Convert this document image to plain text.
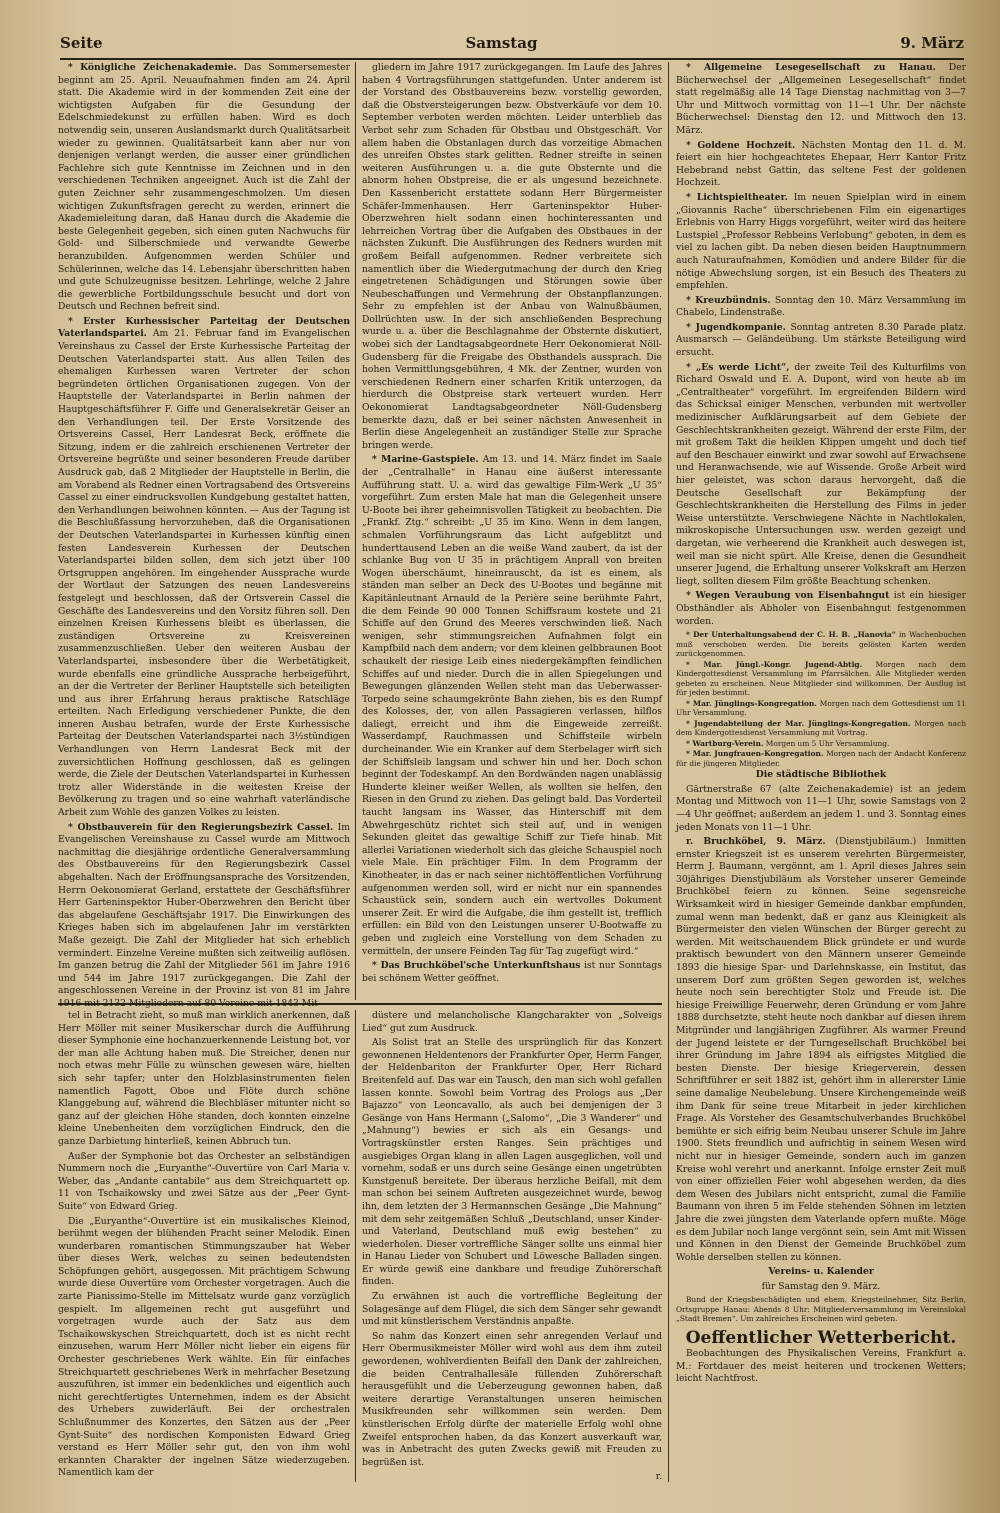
Seite	Samstag	9. März

* Königliche Zeichenakademie. Das Sommersemester beginnt am 25. April. Neuaufnahmen finden am 24. April statt. Die Akademie wird in der kommenden Zeit eine der wichtigsten Aufgaben für die Gesundung der Edelschmiedekunst zu erfüllen haben. Wird es doch notwendig sein, unseren Auslandsmarkt durch Qualitätsarbeit wieder zu gewinnen. Qualitätsarbeit kann aber nur von denjenigen verlangt werden, die ausser einer gründlichen Fachlehre sich gute Kenntnisse im Zeichnen und in den verschiedenen Techniken angeeignet. Auch ist die Zahl der guten Zeichner sehr zusammengeschmolzen. Um diesen wichtigen Zukunftsfragen gerecht zu werden, erinnert die Akademieleitung daran, daß Hanau durch die Akademie die beste Gelegenheit gegeben, sich einen guten Nachwuchs für Gold- und Silberschmiede und verwandte Gewerbe heranzubilden. Aufgenommen werden Schüler und Schülerinnen, welche das 14. Lebensjahr überschritten haben und gute Schulzeugnisse besitzen. Lehrlinge, welche 2 Jahre die gewerbliche Fortbildungsschule besucht und dort von Deutsch und Rechnen befreit sind.

* Erster Kurhessischer Parteitag der Deutschen Vaterlandspartei. Am 21. Februar fand im Evangelischen Vereinshaus zu Cassel der Erste Kurhessische Parteitag der Deutschen Vaterlandspartei statt. Aus allen Teilen des ehemaligen Kurhessen waren Vertreter der schon begründeten örtlichen Organisationen zugegen. Von der Hauptstelle der Vaterlandspartei in Berlin nahmen der Hauptgeschäftsführer F. Giffe und Generalsekretär Geiser an den Verhandlungen teil. Der Erste Vorsitzende des Ortsvereins Cassel, Herr Landesrat Beck, eröffnete die Sitzung, indem er die zahlreich erschienenen Vertreter der Ortsvereine begrüßte und seiner besonderen Freude darüber Ausdruck gab, daß 2 Mitglieder der Hauptstelle in Berlin, die am Vorabend als Redner einen Vortragsabend des Ortsvereins Cassel zu einer eindrucksvollen Kundgebung gestaltet hatten, den Verhandlungen beiwohnen könnten. — Aus der Tagung ist die Beschlußfassung hervorzuheben, daß die Organisationen der Deutschen Vaterlandspartei in Kurhessen künftig einen festen Landesverein Kurhessen der Deutschen Vaterlandspartei bilden sollen, dem sich jetzt über 100 Ortsgruppen angehören. Im eingehender Aussprache wurde der Wortlaut der Satzungen des neuen Landesvereins festgelegt und beschlossen, daß der Ortsverein Cassel die Geschäfte des Landesvereins und den Vorsitz führen soll. Den einzelnen Kreisen Kurhessens bleibt es überlassen, die zuständigen Ortsvereine zu Kreisvereinen zusammenzuschließen. Ueber den weiteren Ausbau der Vaterlandspartei, insbesondere über die Werbetätigkeit, wurde ebenfalls eine gründliche Aussprache herbeigeführt, an der die Vertreter der Berliner Hauptstelle sich beteiligten und aus ihrer Erfahrung heraus praktische Ratschläge erteilten. Nach Erledigung verschiedener Punkte, die den inneren Ausbau betrafen, wurde der Erste Kurhessische Parteitag der Deutschen Vaterlandspartei nach 3½stündigen Verhandlungen von Herrn Landesrat Beck mit der zuversichtlichen Hoffnung geschlossen, daß es gelingen werde, die Ziele der Deutschen Vaterlandspartei in Kurhessen trotz aller Widerstände in die weitesten Kreise der Bevölkerung zu tragen und so eine wahrhaft vaterländische Arbeit zum Wohle des ganzen Volkes zu leisten.

* Obstbauverein für den Regierungsbezirk Cassel. Im Evangelischen Vereinshause zu Cassel wurde am Mittwoch nachmittag die diesjährige ordentliche Generalversammlung des Obstbauvereins für den Regierungsbezirk Cassel abgehalten. Nach der Eröffnungsansprache des Vorsitzenden, Herrn Oekonomierat Gerland, erstattete der Geschäftsführer Herr Garteninspektor Huber-Oberzwehren den Bericht über das abgelaufene Geschäftsjahr 1917. Die Einwirkungen des Krieges haben sich im abgelaufenen Jahr im verstärkten Maße gezeigt. Die Zahl der Mitglieder hat sich erheblich vermindert. Einzelne Vereine mußten sich zeitweilig auflösen. Im ganzen betrug die Zahl der Mitglieder 561 im Jahre 1916 und 544 im Jahre 1917 zurückgegangen. Die Zahl der angeschlossenen Vereine in der Provinz ist von 81 im Jahre 1916 mit 2132 Mitgliedern auf 80 Vereine mit 1843 Mit-

gliedern im Jahre 1917 zurückgegangen. Im Laufe des Jahres haben 4 Vortragsführungen stattgefunden. Unter anderem ist der Vorstand des Obstbauvereins bezw. vorstellig geworden, daß die Obstversteigerungen bezw. Obstverkäufe vor dem 10. September verboten werden möchten. Leider unterblieb das Verbot sehr zum Schaden für Obstbau und Obstgeschäft. Vor allem haben die Obstanlagen durch das vorzeitige Abmachen des unreifen Obstes stark gelitten. Redner streifte in seinen weiteren Ausführungen u. a. die gute Obsternte und die abnorm hohen Obstpreise, die er als ungesund bezeichnete. Den Kassenbericht erstattete sodann Herr Bürgermeister Schäfer-Immenhausen. Herr Garteninspektor Huber-Oberzwehren hielt sodann einen hochinteressanten und lehrreichen Vortrag über die Aufgaben des Obstbaues in der nächsten Zukunft. Die Ausführungen des Redners wurden mit großem Beifall aufgenommen. Redner verbreitete sich namentlich über die Wiedergutmachung der durch den Krieg eingetretenen Schädigungen und Störungen sowie über Neubeschaffungen und Vermehrung der Obstanpflanzungen. Sehr zu empfehlen ist der Anbau von Walnußbäumen, Dollrüchten usw. In der sich anschließenden Besprechung wurde u. a. über die Beschlagnahme der Obsternte diskutiert, wobei sich der Landtagsabgeordnete Herr Oekonomierat Nöll-Gudensberg für die Freigabe des Obsthandels aussprach. Die hohen Vermittlungsgebühren, 4 Mk. der Zentner, wurden von verschiedenen Rednern einer scharfen Kritik unterzogen, da hierdurch die Obstpreise stark verteuert wurden. Herr Oekonomierat Landtagsabgeordneter Nöll-Gudensberg bemerkte dazu, daß er bei seiner nächsten Anwesenheit in Berlin diese Angelegenheit an zuständiger Stelle zur Sprache bringen werde.

* Marine-Gastspiele. Am 13. und 14. März findet im Saale der „Centralhalle“ in Hanau eine äußerst interessante Aufführung statt. U. a. wird das gewaltige Film-Werk „U 35“ vorgeführt. Zum ersten Male hat man die Gelegenheit unsere U-Boote bei ihrer geheimnisvollen Tätigkeit zu beobachten. Die „Frankf. Ztg.“ schreibt: „U 35 im Kino. Wenn in dem langen, schmalen Vorführungsraum das Licht aufgeblitzt und hunderttausend Leben an die weiße Wand zaubert, da ist der schlanke Bug von U 35 in prächtigem Anprall von breiten Wogen überschäumt, hineinrauscht, da ist es einem, als ständen man selber an Deck des U-Bootes und begänne mit Kapitänleutnant Arnauld de la Perière seine berühmte Fahrt, die dem Feinde 90 000 Tonnen Schiffsraum kostete und 21 Schiffe auf den Grund des Meeres verschwinden ließ. Nach wenigen, sehr stimmungsreichen Aufnahmen folgt ein Kampfbild nach dem andern; vor dem kleinen gelbbraunen Boot schaukelt der riesige Leib eines niedergekämpften feindlichen Schiffes auf und nieder. Durch die in allen Spiegelungen und Bewegungen glänzenden Wellen steht man das Ueberwasser-Torpedo seine schaumgekrönte Bahn ziehen, bis es den Rumpf des Kolosses, der, von allen Passagieren verlassen, hilflos daliegt, erreicht und ihm die Eingeweide zerreißt. Wasserdampf, Rauchmassen und Schiffsteile wirbeln durcheinander. Wie ein Kranker auf dem Sterbelager wirft sich der Schiffsleib langsam und schwer hin und her. Doch schon beginnt der Todeskampf. An den Bordwänden nagen unablässig Hunderte kleiner weißer Wellen, als wollten sie helfen, den Riesen in den Grund zu ziehen. Das gelingt bald. Das Vorderteil taucht langsam ins Wasser, das Hinterschiff mit dem Abwehrgeschütz richtet sich steil auf, und in wenigen Sekunden gleitet das gewaltige Schiff zur Tiefe hinab. Mit allerlei Variationen wiederholt sich das gleiche Schauspiel noch viele Male. Ein prächtiger Film. In dem Programm der Kinotheater, in das er nach seiner nichtöffentlichen Vorführung aufgenommen werden soll, wird er nicht nur ein spannendes Schaustück sein, sondern auch ein wertvolles Dokument unserer Zeit. Er wird die Aufgabe, die ihm gestellt ist, trefflich erfüllen: ein Bild von den Leistungen unserer U-Bootwaffe zu geben und zugleich eine Vorstellung von dem Schaden zu vermitteln, der unsere Feinden Tag für Tag zugefügt wird.“

* Das Bruchköbel'sche Unterkunftshaus ist nur Sonntags bei schönem Wetter geöffnet.

* Allgemeine Lesegesellschaft zu Hanau. Der Bücherwechsel der „Allgemeinen Lesegesellschaft“ findet statt regelmäßig alle 14 Tage Dienstag nachmittag von 3—7 Uhr und Mittwoch vormittag von 11—1 Uhr. Der nächste Bücherwechsel: Dienstag den 12. und Mittwoch den 13. März.

* Goldene Hochzeit. Nächsten Montag den 11. d. M. feiert ein hier hochgeachtetes Ehepaar, Herr Kantor Fritz Hebebrand nebst Gattin, das seltene Fest der goldenen Hochzeit.

* Lichtspieltheater. Im neuen Spielplan wird in einem „Giovannis Rache“ überschriebenen Film ein eigenartiges Erlebnis von Harry Higgs vorgeführt, weiter wird das heitere Lustspiel „Professor Rebbeins Verlobung“ geboten, in dem es viel zu lachen gibt. Da neben diesen beiden Hauptnummern auch Naturaufnahmen, Komödien und andere Bilder für die nötige Abwechslung sorgen, ist ein Besuch des Theaters zu empfehlen.

* Kreuzbündnis. Sonntag den 10. März Versammlung im Chabelo, Lindenstraße.

* Jugendkompanie. Sonntag antreten 8.30 Parade platz. Ausmarsch — Geländeübung. Um stärkste Beteiligung wird ersucht.

* „Es werde Licht“, der zweite Teil des Kulturfilms von Richard Oswald und E. A. Dupont, wird von heute ab im „Centraltheater“ vorgeführt. Im ergreifenden Bildern wird das Schicksal einiger Menschen, verbunden mit wertvoller medizinischer Aufklärungsarbeit auf dem Gebiete der Geschlechtskrankheiten gezeigt. Während der erste Film, der mit großem Takt die heiklen Klippen umgeht und doch tief auf den Beschauer einwirkt und zwar sowohl auf Erwachsene und Heranwachsende, wie auf Wissende. Große Arbeit wird hier geleistet, was schon daraus hervorgeht, daß die Deutsche Gesellschaft zur Bekämpfung der Geschlechtskrankheiten die Herstellung des Films in jeder Weise unterstützte. Verschwiegene Nächte in Nachtlokalen, mikroskopische Untersuchungen usw. werden gezeigt und dargetan, wie verheerend die Krankheit auch deswegen ist, weil man sie nicht spürt. Alle Kreise, denen die Gesundheit unserer Jugend, die Erhaltung unserer Volkskraft am Herzen liegt, sollten diesem Film größte Beachtung schenken.

* Wegen Veraubung von Eisenbahngut ist ein hiesiger Obsthändler als Abholer von Eisenbahngut festgenommen worden.

* Der Unterhaltungsabend der C. H. B. „Hanovia“ in Wachenbuchen muß verschoben werden. Die bereits gelösten Karten werden zurückgenommen.

* Mar. Jüngl.-Kongr. Jugend-Abtlg. Morgen nach dem Kindergottesdienst Versammlung im Pfarrsälchen. Alle Mitglieder werden gebeten zu erscheinen. Neue Mitglieder sind willkommen. Der Ausflug ist für jeden bestimmt.

* Mar. Jünglings-Kongregation. Morgen nach dem Gottesdienst um 11 Uhr Versammlung.

* Jugendabteilung der Mar. Jünglings-Kongregation. Morgen nach dem Kindergottesdienst Versammlung mit Vortrag.

* Wartburg-Verein. Morgen um 5 Uhr Versammlung.

* Mar. Jungfrauen-Kongregation. Morgen nach der Andacht Konferenz für die jüngeren Mitglieder.

Die städtische Bibliothek

Gärtnerstraße 67 (alte Zeichenakademie) ist an jedem Montag und Mittwoch von 11—1 Uhr, sowie Samstags von 2—4 Uhr geöffnet; außerdem an jedem 1. und 3. Sonntag eines jeden Monats von 11—1 Uhr.

r. Bruchköbel, 9. März. (Dienstjubiläum.) Inmitten ernster Kriegszeit ist es unserem verehrten Bürgermeister, Herrn J. Baumann, vergönnt, am 1. April dieses Jahres sein 30jähriges Dienstjubiläum als Vorsteher unserer Gemeinde Bruchköbel feiern zu können. Seine segensreiche Wirksamkeit wird in hiesiger Gemeinde dankbar empfunden, zumal wenn man bedenkt, daß er ganz aus Kleinigkeit als Bürgermeister den vielen Wünschen der Bürger gerecht zu werden. Mit weitschauendem Blick gründete er und wurde praktisch bewundert von den Männern unserer Gemeinde 1893 die hiesige Spar- und Darlehnskasse, ein Institut, das unserem Dorf zum größten Segen geworden ist, welches heute noch sein berechtigter Stolz und Freude ist. Die hiesige Freiwillige Feuerwehr, deren Gründung er vom Jahre 1888 durchsetzte, steht heute noch dankbar auf diesen ihrem Mitgründer und langjährigen Zugführer. Als warmer Freund der Jugend leistete er der Turngesellschaft Bruchköbel bei ihrer Gründung im Jahre 1894 als eifrigstes Mitglied die besten Dienste. Der hiesige Kriegerverein, dessen Schriftführer er seit 1882 ist, gehört ihm in allererster Linie seine damalige Neubelebung. Unsere Kirchengemeinde weiß ihm Dank für seine treue Mitarbeit in jeder kirchlichen Frage. Als Vorsteher des Gesamtschulverbandes Bruchköbel bemühte er sich eifrig beim Neubau unserer Schule im Jahre 1900. Stets freundlich und aufrichtig in seinem Wesen wird nicht nur in hiesiger Gemeinde, sondern auch im ganzen Kreise wohl verehrt und anerkannt. Infolge ernster Zeit muß von einer offiziellen Feier wohl abgesehen werden, da dies dem Wesen des Jubilars nicht entspricht, zumal die Familie Baumann von ihren 5 im Felde stehenden Söhnen im letzten Jahre die zwei jüngsten dem Vaterlande opfern mußte. Möge es dem Jubilar noch lange vergönnt sein, sein Amt mit Wissen und Können in den Dienst der Gemeinde Bruchköbel zum Wohle derselben stellen zu können.

Vereins- u. Kalender

für Samstag den 9. März.

Bund der Kriegsbeschädigten und ehem. Kriegsteilnehmer, Sitz Berlin, Ortsgruppe Hanau: Abends 8 Uhr: Mitgliederversammlung im Vereinslokal „Stadt Bremen“. Um zahlreiches Erscheinen wird gebeten.

Oeffentlicher Wetterbericht.

Beobachtungen des Physikalischen Vereins, Frankfurt a. M.: Fortdauer des meist heiteren und trockenen Wetters; leicht Nachtfrost.

tel in Betracht zieht, so muß man wirklich anerkennen, daß Herr Möller mit seiner Musikerschar durch die Aufführung dieser Symphonie eine hochanzuerkennende Leistung bot, vor der man alle Achtung haben muß. Die Streicher, denen nur noch etwas mehr Fülle zu wünschen gewesen wäre, hielten sich sehr tapfer; unter den Holzblasinstrumenten fielen namentlich Fagott, Oboe und Flöte durch schöne Klanggebung auf, während die Blechbläser mitunter nicht so ganz auf der gleichen Höhe standen, doch konnten einzelne kleine Unebenheiten dem vorzüglichen Eindruck, den die ganze Darbietung hinterließ, keinen Abbruch tun.

Außer der Symphonie bot das Orchester an selbständigen Nummern noch die „Euryanthe“-Ouvertüre von Carl Maria v. Weber, das „Andante cantabile“ aus dem Streichquartett op. 11 von Tschaikowsky und zwei Sätze aus der „Peer Gynt-Suite“ von Edward Grieg.

Die „Euryanthe“-Ouvertüre ist ein musikalisches Kleinod, berühmt wegen der blühenden Pracht seiner Melodik. Einen wunderbaren romantischen Stimmungszauber hat Weber über dieses Werk, welches zu seinen bedeutendsten Schöpfungen gehört, ausgegossen. Mit prächtigem Schwung wurde diese Ouvertüre vom Orchester vorgetragen. Auch die zarte Pianissimo-Stelle im Mittelsatz wurde ganz vorzüglich gespielt. Im allgemeinen recht gut ausgeführt und vorgetragen wurde auch der Satz aus dem Tschaikowskyschen Streichquartett, doch ist es nicht recht einzusehen, warum Herr Möller nicht lieber ein eigens für Orchester geschriebenes Werk wählte. Ein für einfaches Streichquartett geschriebenes Werk in mehrfacher Besetzung auszuführen, ist immer ein bedenkliches und eigentlich auch nicht gerechtfertigtes Unternehmen, indem es der Absicht des Urhebers zuwiderläuft. Bei der orchestralen Schlußnummer des Konzertes, den Sätzen aus der „Peer Gynt-Suite“ des nordischen Komponisten Edward Grieg verstand es Herr Möller sehr gut, den von ihm wohl erkannten Charakter der ingelnen Sätze wiederzugeben. Namentlich kam der

düstere und melancholische Klangcharakter von „Solveigs Lied“ gut zum Ausdruck.

Als Solist trat an Stelle des ursprünglich für das Konzert gewonnenen Heldentenors der Frankfurter Oper, Herrn Fanger, der Heldenbariton der Frankfurter Oper, Herr Richard Breitenfeld auf. Das war ein Tausch, den man sich wohl gefallen lassen konnte. Sowohl beim Vortrag des Prologs aus „Der Bajazzo“ von Leoncavallo, als auch bei demjenigen der 3 Gesänge von Hans Hermann („Salomo“, „Die 3 Wanderer“ und „Mahnung“) bewies er sich als ein Gesangs- und Vortragskünstler ersten Ranges. Sein prächtiges und ausgiebiges Organ klang in allen Lagen ausgeglichen, voll und vornehm, sodaß er uns durch seine Gesänge einen ungetrübten Kunstgenuß bereitete. Der überaus herzliche Beifall, mit dem man schon bei seinem Auftreten ausgezeichnet wurde, bewog ihn, dem letzten der 3 Hermannschen Gesänge „Die Mahnung“ mit dem sehr zeitgemäßen Schluß „Deutschland, unser Kinder- und Vaterland, Deutschland muß ewig bestehen“ zu wiederholen. Dieser vortreffliche Sänger sollte uns einmal hier in Hanau Lieder von Schubert und Löwesche Balladen singen. Er würde gewiß eine dankbare und freudige Zuhörerschaft finden.

Zu erwähnen ist auch die vortreffliche Begleitung der Solagesänge auf dem Flügel, die sich dem Sänger sehr gewandt und mit künstlerischem Verständnis anpaßte.

So nahm das Konzert einen sehr anregenden Verlauf und Herr Obermusikmeister Möller wird wohl aus dem ihm zuteil gewordenen, wohlverdienten Beifall den Dank der zahlreichen, die beiden Centralhallesäle füllenden Zuhörerschaft herausgefühlt und die Ueberzeugung gewonnen haben, daß weitere derartige Veranstaltungen unseren heimischen Musikfreunden sehr willkommen sein werden. Dem künstlerischen Erfolg dürfte der materielle Erfolg wohl ohne Zweifel entsprochen haben, da das Konzert ausverkauft war, was in Anbetracht des guten Zwecks gewiß mit Freuden zu begrüßen ist.

r.
